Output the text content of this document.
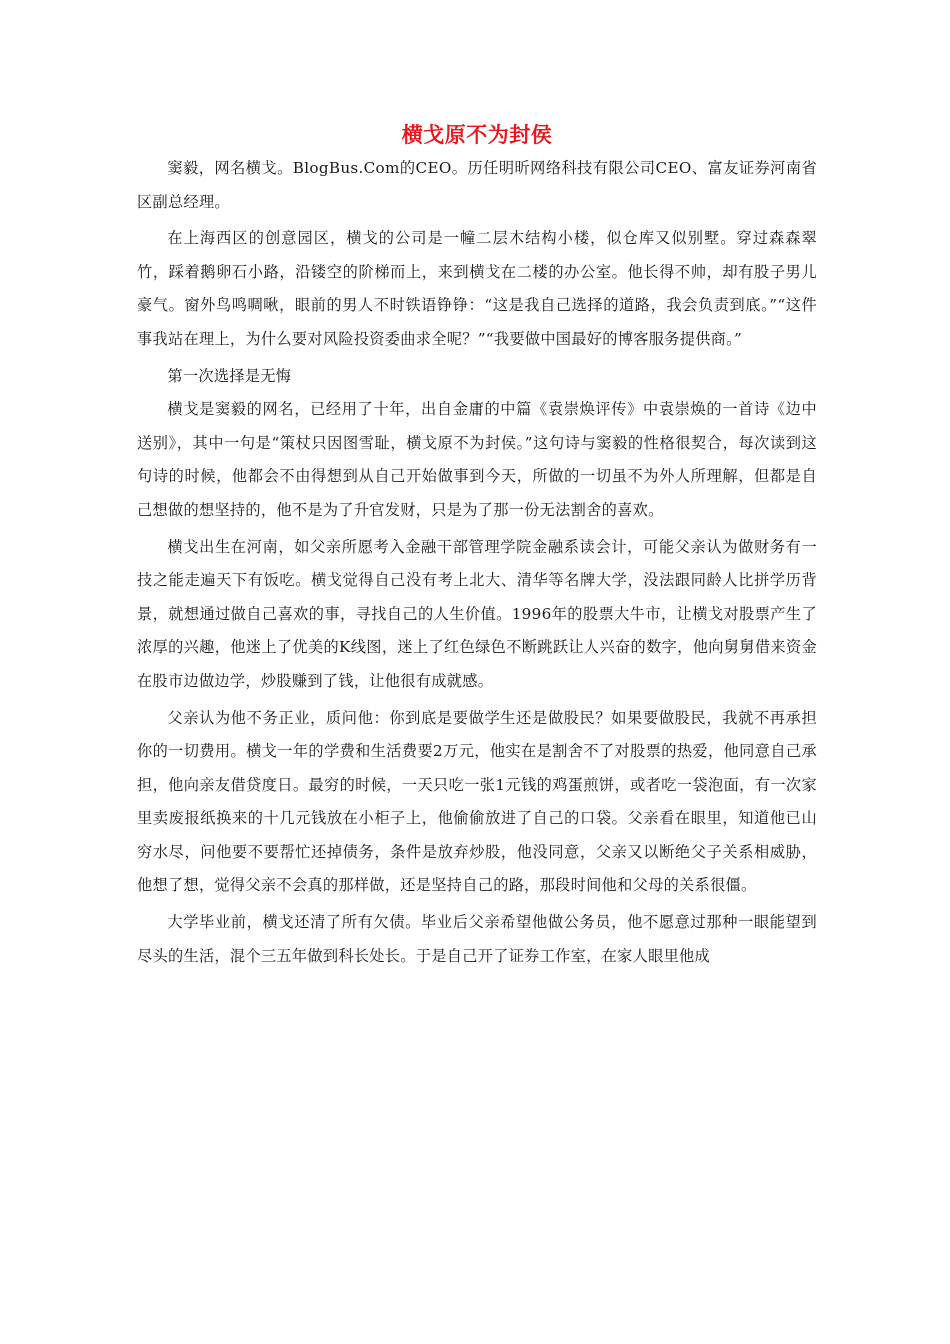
横戈原不为封侯

窦毅，网名横戈。BlogBus.Com的CEO。历任明昕网络科技有限公司CEO、富友证券河南省区副总经理。

在上海西区的创意园区，横戈的公司是一幢二层木结构小楼，似仓库又似别墅。穿过森森翠竹，踩着鹅卵石小路，沿镂空的阶梯而上，来到横戈在二楼的办公室。他长得不帅，却有股子男儿豪气。窗外鸟鸣啁啾，眼前的男人不时铁语铮铮：“这是我自己选择的道路，我会负责到底。”“这件事我站在理上，为什么要对风险投资委曲求全呢？”“我要做中国最好的博客服务提供商。”

第一次选择是无悔

横戈是窦毅的网名，已经用了十年，出自金庸的中篇《袁崇焕评传》中袁崇焕的一首诗《边中送别》，其中一句是“策杖只因图雪耻，横戈原不为封侯。”这句诗与窦毅的性格很契合，每次读到这句诗的时候，他都会不由得想到从自己开始做事到今天，所做的一切虽不为外人所理解，但都是自己想做的想坚持的，他不是为了升官发财，只是为了那一份无法割舍的喜欢。

横戈出生在河南，如父亲所愿考入金融干部管理学院金融系读会计，可能父亲认为做财务有一技之能走遍天下有饭吃。横戈觉得自己没有考上北大、清华等名牌大学，没法跟同龄人比拼学历背景，就想通过做自己喜欢的事，寻找自己的人生价值。1996年的股票大牛市，让横戈对股票产生了浓厚的兴趣，他迷上了优美的K线图，迷上了红色绿色不断跳跃让人兴奋的数字，他向舅舅借来资金在股市边做边学，炒股赚到了钱，让他很有成就感。

父亲认为他不务正业，质问他：你到底是要做学生还是做股民？如果要做股民，我就不再承担你的一切费用。横戈一年的学费和生活费要2万元，他实在是割舍不了对股票的热爱，他同意自己承担，他向亲友借贷度日。最穷的时候，一天只吃一张1元钱的鸡蛋煎饼，或者吃一袋泡面，有一次家里卖废报纸换来的十几元钱放在小柜子上，他偷偷放进了自己的口袋。父亲看在眼里，知道他已山穷水尽，问他要不要帮忙还掉债务，条件是放弃炒股，他没同意，父亲又以断绝父子关系相威胁，他想了想，觉得父亲不会真的那样做，还是坚持自己的路，那段时间他和父母的关系很僵。

大学毕业前，横戈还清了所有欠债。毕业后父亲希望他做公务员，他不愿意过那种一眼能望到尽头的生活，混个三五年做到科长处长。于是自己开了证券工作室，在家人眼里他成
